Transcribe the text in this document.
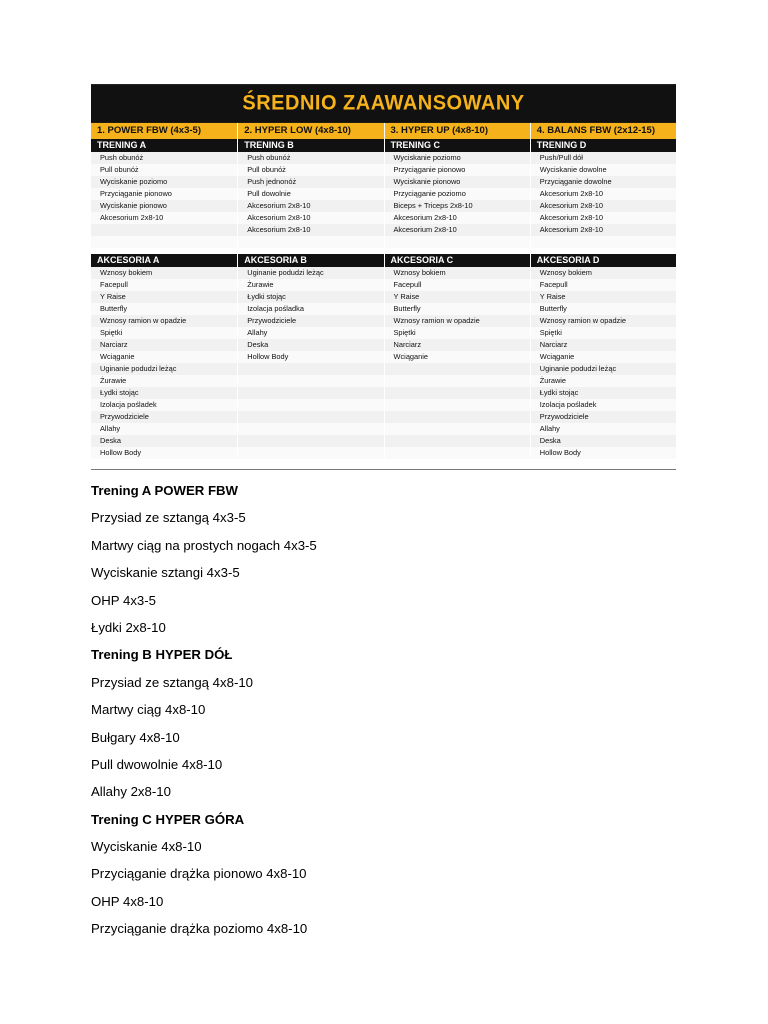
ŚREDNIO ZAAWANSOWANY
1. POWER FBW (4x3-5)
TRENING A
Push obunóż
Pull obunóż
Wyciskanie poziomo
Przyciąganie pionowo
Wyciskanie pionowo
Akcesorium 2x8-10
AKCESORIA A
Wznosy bokiem
Facepull
Y Raise
Butterfly
Wznosy ramion w opadzie
Spiętki
Narciarz
Wciąganie
Uginanie podudzi leżąc
Żurawie
Łydki stojąc
Izolacja pośladek
Przywodziciele
Allahy
Deska
Hollow Body
2. HYPER LOW (4x8-10)
TRENING B
Push obunóż
Pull obunóż
Push jednonóż
Pull dowolnie
Akcesorium 2x8-10
Akcesorium 2x8-10
Akcesorium 2x8-10
AKCESORIA B
Uginanie podudzi leżąc
Żurawie
Łydki stojąc
Izolacja pośladka
Przywodziciele
Allahy
Deska
Hollow Body
3. HYPER UP (4x8-10)
TRENING C
Wyciskanie poziomo
Przyciąganie pionowo
Wyciskanie pionowo
Przyciąganie poziomo
Biceps + Triceps 2x8-10
Akcesorium 2x8-10
Akcesorium 2x8-10
AKCESORIA C
Wznosy bokiem
Facepull
Y Raise
Butterfly
Wznosy ramion w opadzie
Spiętki
Narciarz
Wciąganie
4. BALANS FBW (2x12-15)
TRENING D
Push/Pull dół
Wyciskanie dowolne
Przyciąganie dowolne
Akcesorium 2x8-10
Akcesorium 2x8-10
Akcesorium 2x8-10
Akcesorium 2x8-10
AKCESORIA D
Wznosy bokiem
Facepull
Y Raise
Butterfly
Wznosy ramion w opadzie
Spiętki
Narciarz
Wciąganie
Uginanie podudzi leżąc
Żurawie
Łydki stojąc
Izolacja pośladek
Przywodziciele
Allahy
Deska
Hollow Body

Trening A POWER FBW

Przysiad ze sztangą 4x3-5

Martwy ciąg na prostych nogach 4x3-5

Wyciskanie sztangi 4x3-5

OHP 4x3-5

Łydki 2x8-10

Trening B HYPER DÓŁ

Przysiad ze sztangą 4x8-10

Martwy ciąg 4x8-10

Bułgary 4x8-10

Pull dwowolnie 4x8-10

Allahy 2x8-10

Trening C HYPER GÓRA

Wyciskanie 4x8-10

Przyciąganie drążka pionowo 4x8-10

OHP 4x8-10

Przyciąganie drążka poziomo 4x8-10
